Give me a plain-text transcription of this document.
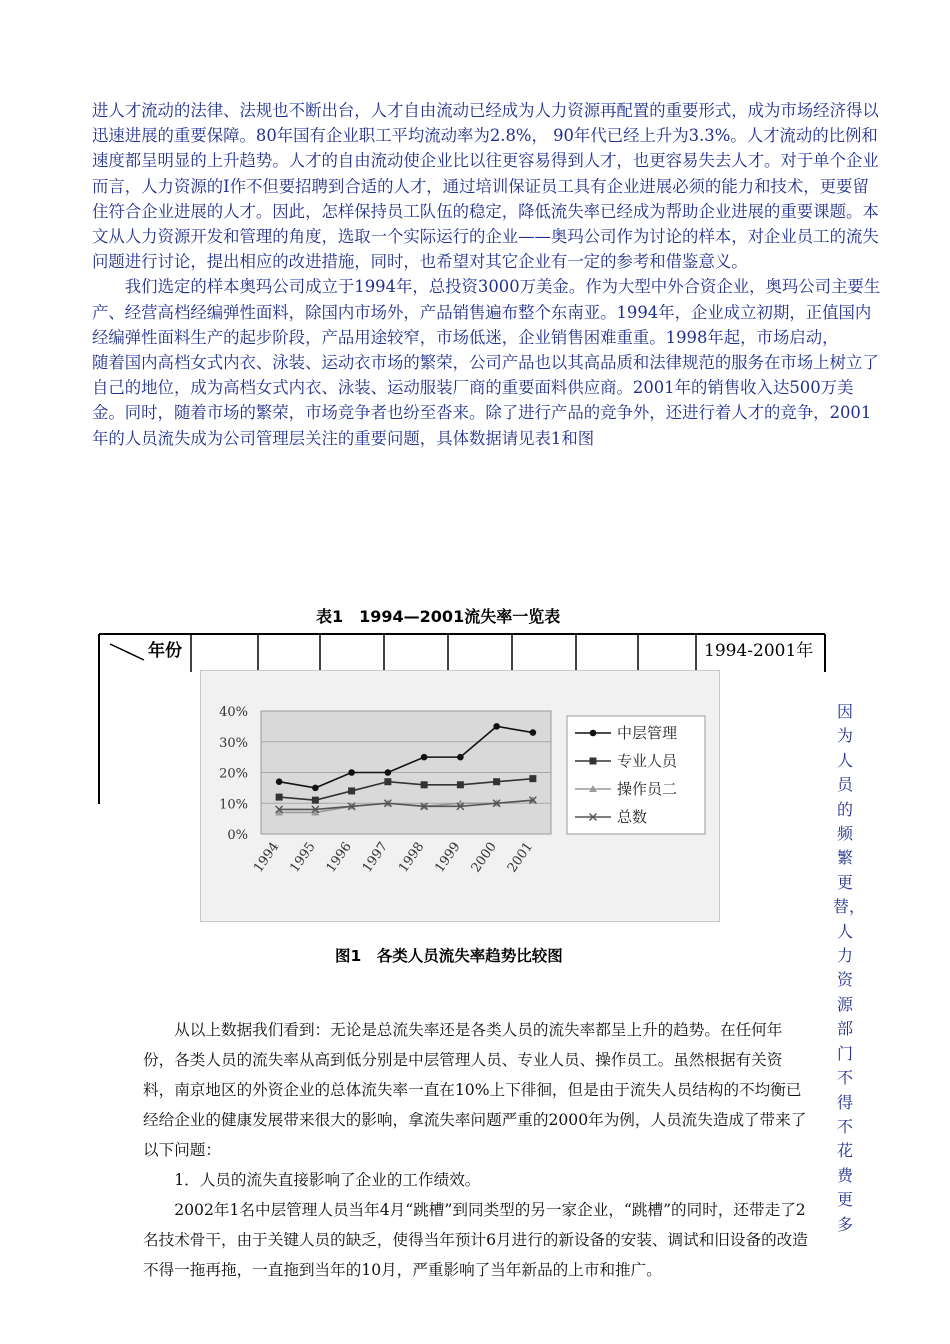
进人才流动的法律、法规也不断出台，人才自由流动已经成为人力资源再配置的重要形式，成为市场经济得以迅速进展的重要保障。80年国有企业职工平均流动率为2.8%， 90年代已经上升为3.3%。人才流动的比例和速度都呈明显的上升趋势。人才的自由流动使企业比以往更容易得到人才，也更容易失去人才。对于单个企业而言，人力资源的I作不但要招聘到合适的人才，通过培训保证员工具有企业进展必须的能力和技术，更要留住符合企业进展的人才。因此，怎样保持员工队伍的稳定，降低流失率已经成为帮助企业进展的重要课题。本文从人力资源开发和管理的角度，选取一个实际运行的企业——奥玛公司作为讨论的样本，对企业员工的流失问题进行讨论，提出相应的改进措施，同时，也希望对其它企业有一定的参考和借鉴意义。

我们选定的样本奥玛公司成立于1994年，总投资3000万美金。作为大型中外合资企业，奥玛公司主要生产、经营高档经编弹性面料，除国内市场外，产品销售遍布整个东南亚。1994年，企业成立初期，正值国内经编弹性面料生产的起步阶段，产品用途较窄，市场低迷，企业销售困难重重。1998年起，市场启动，

随着国内高档女式内衣、泳装、运动衣市场的繁荣，公司产品也以其高品质和法律规范的服务在市场上树立了自己的地位，成为高档女式内衣、泳装、运动服装厂商的重要面料供应商。2001年的销售收入达500万美金。同时，随着市场的繁荣，市场竞争者也纷至沓来。除了进行产品的竞争外，还进行着人才的竞争，2001年的人员流失成为公司管理层关注的重要问题，具体数据请见表1和图

表1　1994—2001流失率一览表
年份	1994-2001年
0%
10%
20%
30%
40%
1994 1995 1996 1997 1998 1999 2000 2001
中层管理
专业人员
操作员二
总数
图1　各类人员流失率趋势比较图

从以上数据我们看到：无论是总流失率还是各类人员的流失率都呈上升的趋势。在任何年份，各类人员的流失率从高到低分别是中层管理人员、专业人员、操作员工。虽然根据有关资料，南京地区的外资企业的总体流失率一直在10%上下徘徊，但是由于流失人员结构的不均衡已经给企业的健康发展带来很大的影响，拿流失率问题严重的2000年为例，人员流失造成了带来了以下问题：

1．人员的流失直接影响了企业的工作绩效。

2002年1名中层管理人员当年4月“跳槽”到同类型的另一家企业，“跳槽”的同时，还带走了2名技术骨干，由于关键人员的缺乏，使得当年预计6月进行的新设备的安装、调试和旧设备的改造不得一拖再拖，一直拖到当年的10月，严重影响了当年新品的上市和推广。

因为人员的频繁更替，人力资源部门不得不花费更多
